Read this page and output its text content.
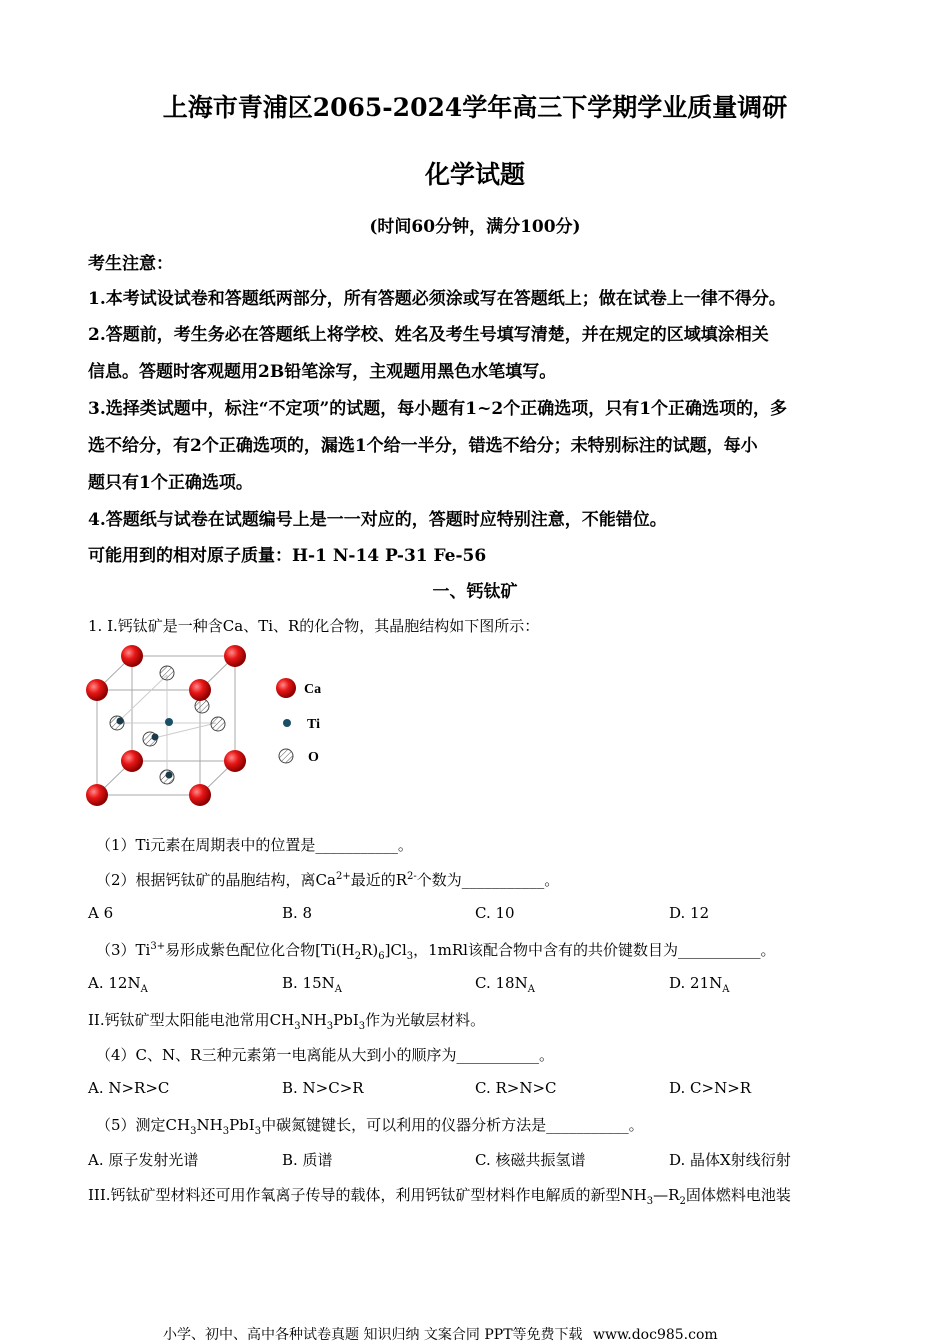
上海市青浦区2065-2024学年高三下学期学业质量调研
化学试题
(时间60分钟，满分100分)
考生注意：
1.本考试设试卷和答题纸两部分，所有答题必须涂或写在答题纸上；做在试卷上一律不得分。
2.答题前，考生务必在答题纸上将学校、姓名及考生号填写清楚，并在规定的区域填涂相关
信息。答题时客观题用2B铅笔涂写，主观题用黑色水笔填写。
3.选择类试题中，标注“不定项”的试题，每小题有1~2个正确选项，只有1个正确选项的，多
选不给分，有2个正确选项的，漏选1个给一半分，错选不给分；未特别标注的试题，每小
题只有1个正确选项。
4.答题纸与试卷在试题编号上是一一对应的，答题时应特别注意，不能错位。
可能用到的相对原子质量：H-1 N-14 P-31 Fe-56
一、钙钛矿
1. I.钙钛矿是一种含Ca、Ti、R的化合物，其晶胞结构如下图所示：
Ca
Ti
O
（1）Ti元素在周期表中的位置是___________。
（2）根据钙钛矿的晶胞结构，离$Ca^{2+}$最近的$R^{2-}$个数为___________。
A 6	B. 8	C. 10	D. 12
$(3)Ti^{3+}$易形成紫色配位化合物$[Ti(H_2R)_6]Cl_3$，1mRl该配合物中含有的共价键数目为___________。
A. $12N_A$	B. $15N_A$	C. $18N_A$	D. $21N_A$
II.钙钛矿型太阳能电池常用$CH_3NH_3PbI_3$作为光敏层材料。
（4）C、N、R三种元素第一电离能从大到小的顺序为___________。
A. N>R>C	B. N>C>R	C. R>N>C	D. C>N>R
（5）测定$CH_3NH_3PbI_3$中碳氮键键长，可以利用的仪器分析方法是___________。
A. 原子发射光谱	B. 质谱	C. 核磁共振氢谱	D. 晶体X射线衍射
III.钙钛矿型材料还可用作氧离子传导的载体，利用钙钛矿型材料作电解质的新型$NH_3—R_2$固体燃料电池装
小学、初中、高中各种试卷真题 知识归纳 文案合同 PPT等免费下载 www.doc985.com
